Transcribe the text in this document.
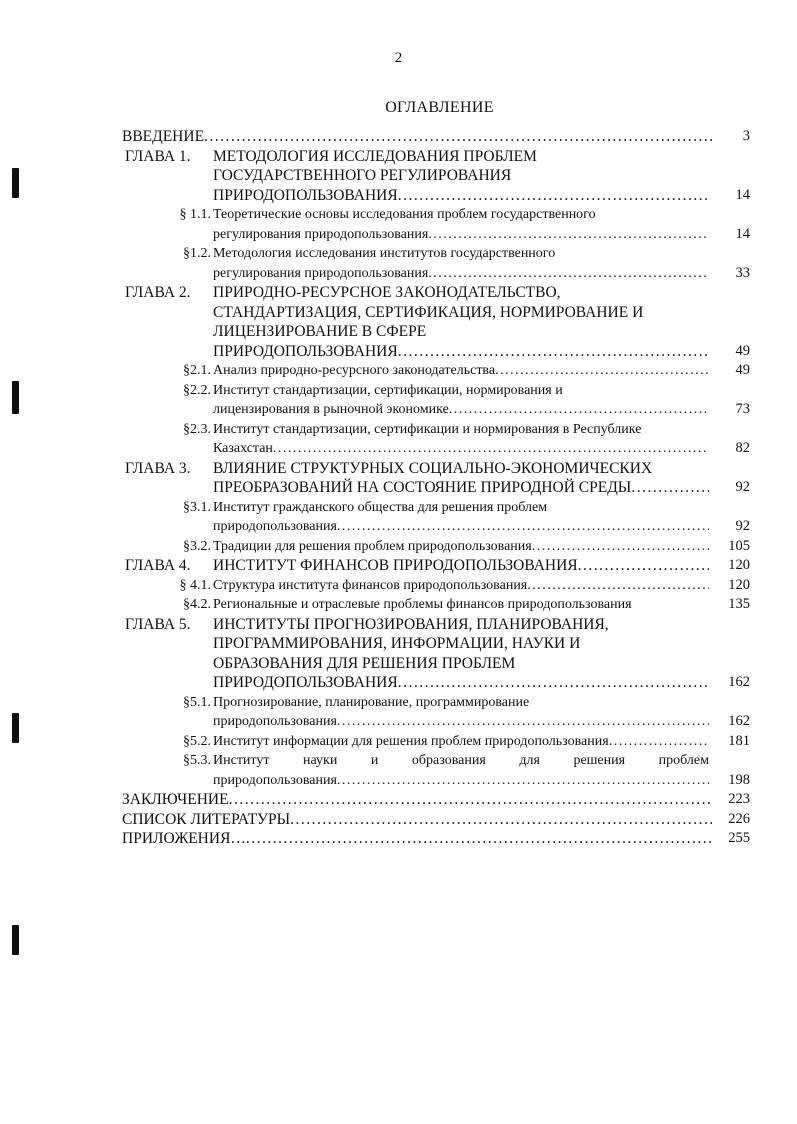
2
ОГЛАВЛЕНИЕ
ВВЕДЕНИЕ .....	3
ГЛАВА 1.	МЕТОДОЛОГИЯ ИССЛЕДОВАНИЯ ПРОБЛЕМ
ГОСУДАРСТВЕННОГО РЕГУЛИРОВАНИЯ
ПРИРОДОПОЛЬЗОВАНИЯ .....	14
§ 1.1. Теоретические основы исследования проблем государственного
регулирования природопользования .....	14
§1.2. Методология исследования институтов государственного
регулирования природопользования .....	33
ГЛАВА 2.	ПРИРОДНО-РЕСУРСНОЕ ЗАКОНОДАТЕЛЬСТВО,
СТАНДАРТИЗАЦИЯ, СЕРТИФИКАЦИЯ, НОРМИРОВАНИЕ И
ЛИЦЕНЗИРОВАНИЕ В СФЕРЕ
ПРИРОДОПОЛЬЗОВАНИЯ .....	49
§2.1. Анализ природно-ресурсного законодательства .....	49
§2.2. Институт стандартизации, сертификации, нормирования и
лицензирования в рыночной экономике .....	73
§2.3. Институт стандартизации, сертификации и нормирования в Республике
Казахстан .....	82
ГЛАВА 3.	ВЛИЯНИЕ СТРУКТУРНЫХ СОЦИАЛЬНО-ЭКОНОМИЧЕСКИХ
ПРЕОБРАЗОВАНИЙ НА СОСТОЯНИЕ ПРИРОДНОЙ СРЕДЫ .....	92
§3.1. Институт гражданского общества для решения проблем
природопользования .....	92
§3.2. Традиции для решения проблем природопользования .....	105
ГЛАВА 4.	ИНСТИТУТ ФИНАНСОВ ПРИРОДОПОЛЬЗОВАНИЯ .....	120
§ 4.1. Структура института финансов природопользования .....	120
§4.2. Региональные и отраслевые проблемы финансов природопользования	135
ГЛАВА 5.	ИНСТИТУТЫ ПРОГНОЗИРОВАНИЯ, ПЛАНИРОВАНИЯ,
ПРОГРАММИРОВАНИЯ, ИНФОРМАЦИИ, НАУКИ И
ОБРАЗОВАНИЯ ДЛЯ РЕШЕНИЯ ПРОБЛЕМ
ПРИРОДОПОЛЬЗОВАНИЯ .....	162
§5.1. Прогнозирование, планирование, программирование
природопользования .....	162
§5.2. Институт информации для решения проблем природопользования .....	181
§5.3. Институт науки и образования для решения проблем
природопользования .....	198
ЗАКЛЮЧЕНИЕ .....	223
СПИСОК ЛИТЕРАТУРЫ .....	226
ПРИЛОЖЕНИЯ… .....	255
